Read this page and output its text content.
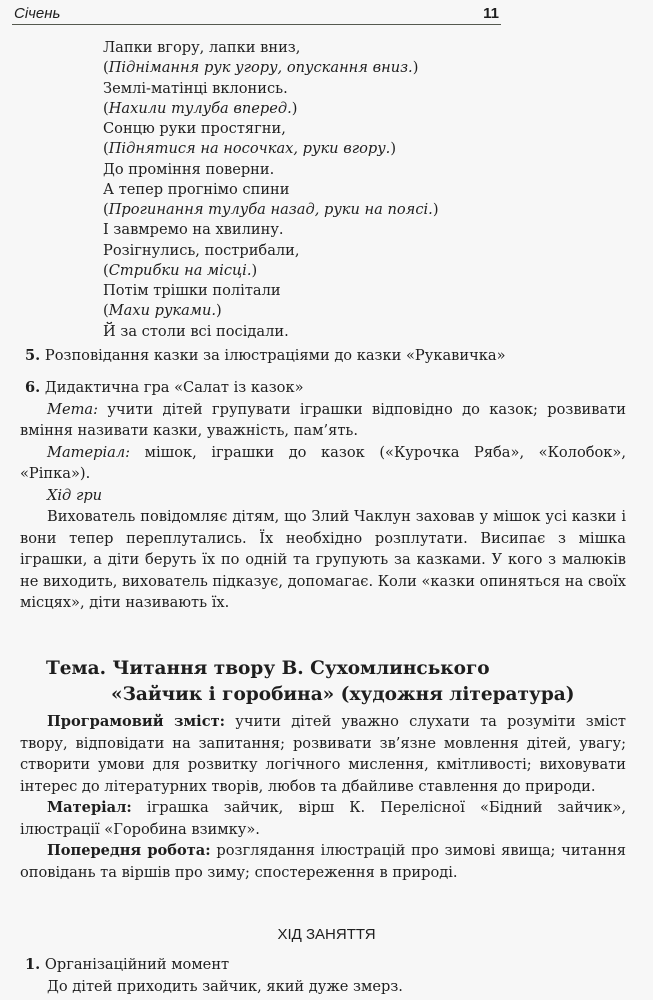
Січень	11
Лапки вгору, лапки вниз,
(Піднімання рук угору, опускання вниз.)
Землі-матінці вклонись.
(Нахили тулуба вперед.)
Сонцю руки простягни,
(Піднятися на носочках, руки вгору.)
До проміння поверни.
А тепер прогнімо спини
(Прогинання тулуба назад, руки на поясі.)
І завмремо на хвилину.
Розігнулись, пострибали,
(Стрибки на місці.)
Потім трішки політали
(Махи руками.)
Й за столи всі посідали.

5. Розповідання казки за ілюстраціями до казки «Рукавичка»

6. Дидактична гра «Салат із казок»

Мета: учити дітей групувати іграшки відповідно до казок; розвивати вміння називати казки, уважність, пам’ять.

Матеріал: мішок, іграшки до казок («Курочка Ряба», «Колобок», «Ріпка»).

Хід гри

Вихователь повідомляє дітям, що Злий Чаклун заховав у мішок усі казки і вони тепер переплутались. Їх необхідно розплутати. Висипає з мішка іграшки, а діти беруть їх по одній та групують за казками. У кого з малюків не виходить, вихователь підказує, допомагає. Коли «казки опиняться на своїх місцях», діти називають їх.

Тема. Читання твору В. Сухомлинського
«Зайчик і горобина» (художня література)

Програмовий зміст: учити дітей уважно слухати та розуміти зміст твору, відповідати на запитання; розвивати зв’язне мовлення дітей, увагу; створити умови для розвитку логічного мислення, кмітливості; виховувати інтерес до літературних творів, любов та дбайливе ставлення до природи.

Матеріал: іграшка зайчик, вірш К. Перелісної «Бідний зайчик», ілюстрації «Горобина взимку».

Попередня робота: розглядання ілюстрацій про зимові явища; читання оповідань та віршів про зиму; спостереження в природі.

ХІД ЗАНЯТТЯ

1. Організаційний момент

До дітей приходить зайчик, який дуже змерз.
